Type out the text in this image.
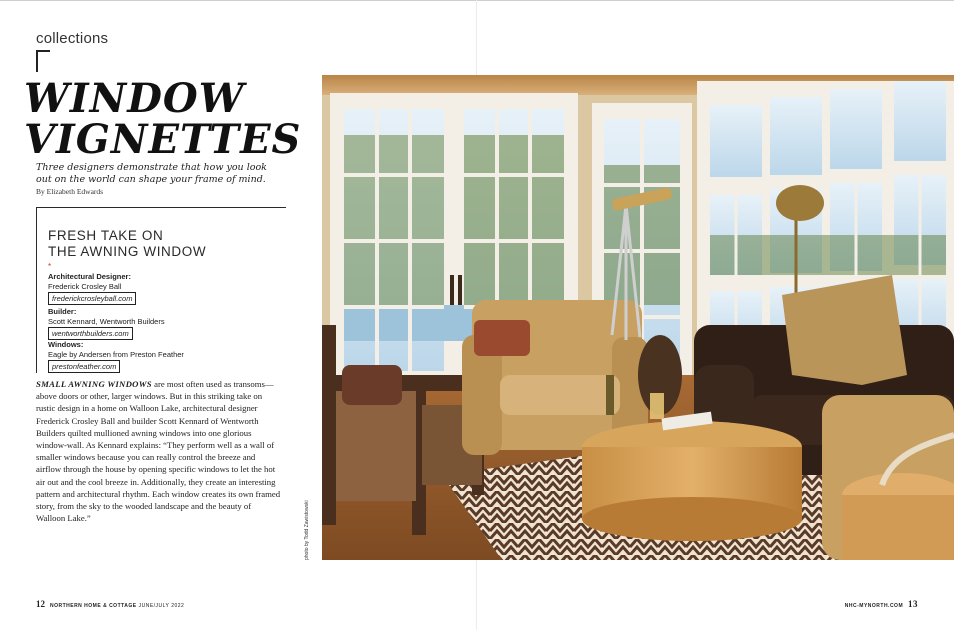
collections
WINDOW
VIGNETTES
Three designers demonstrate that how you look out on the world can shape your frame of mind.
By Elizabeth Edwards
FRESH TAKE ON
THE AWNING WINDOW
*
Architectural Designer:
Frederick Crosley Ball
frederickcrosleyball.com
Builder:
Scott Kennard, Wentworth Builders
wentworthbuilders.com
Windows:
Eagle by Andersen from Preston Feather
prestonfeather.com
SMALL AWNING WINDOWS are most often used as transoms—above doors or other, larger windows. But in this striking take on rustic design in a home on Walloon Lake, architectural designer Frederick Crosley Ball and builder Scott Kennard of Wentworth Builders quilted mullioned awning windows into one glorious window-wall. As Kennard explains: “They perform well as a wall of smaller windows because you can really control the breeze and airflow through the house by opening specific windows to let the hot air out and the cool breeze in. Additionally, they create an interesting pattern and architectural rhythm. Each window creates its own framed story, from the sky to the wooded landscape and the beauty of Walloon Lake.”	photo by Todd Zawistowski
12 NORTHERN HOME & COTTAGE JUNE/JULY 2022	NHC-MYNORTH.COM 13
